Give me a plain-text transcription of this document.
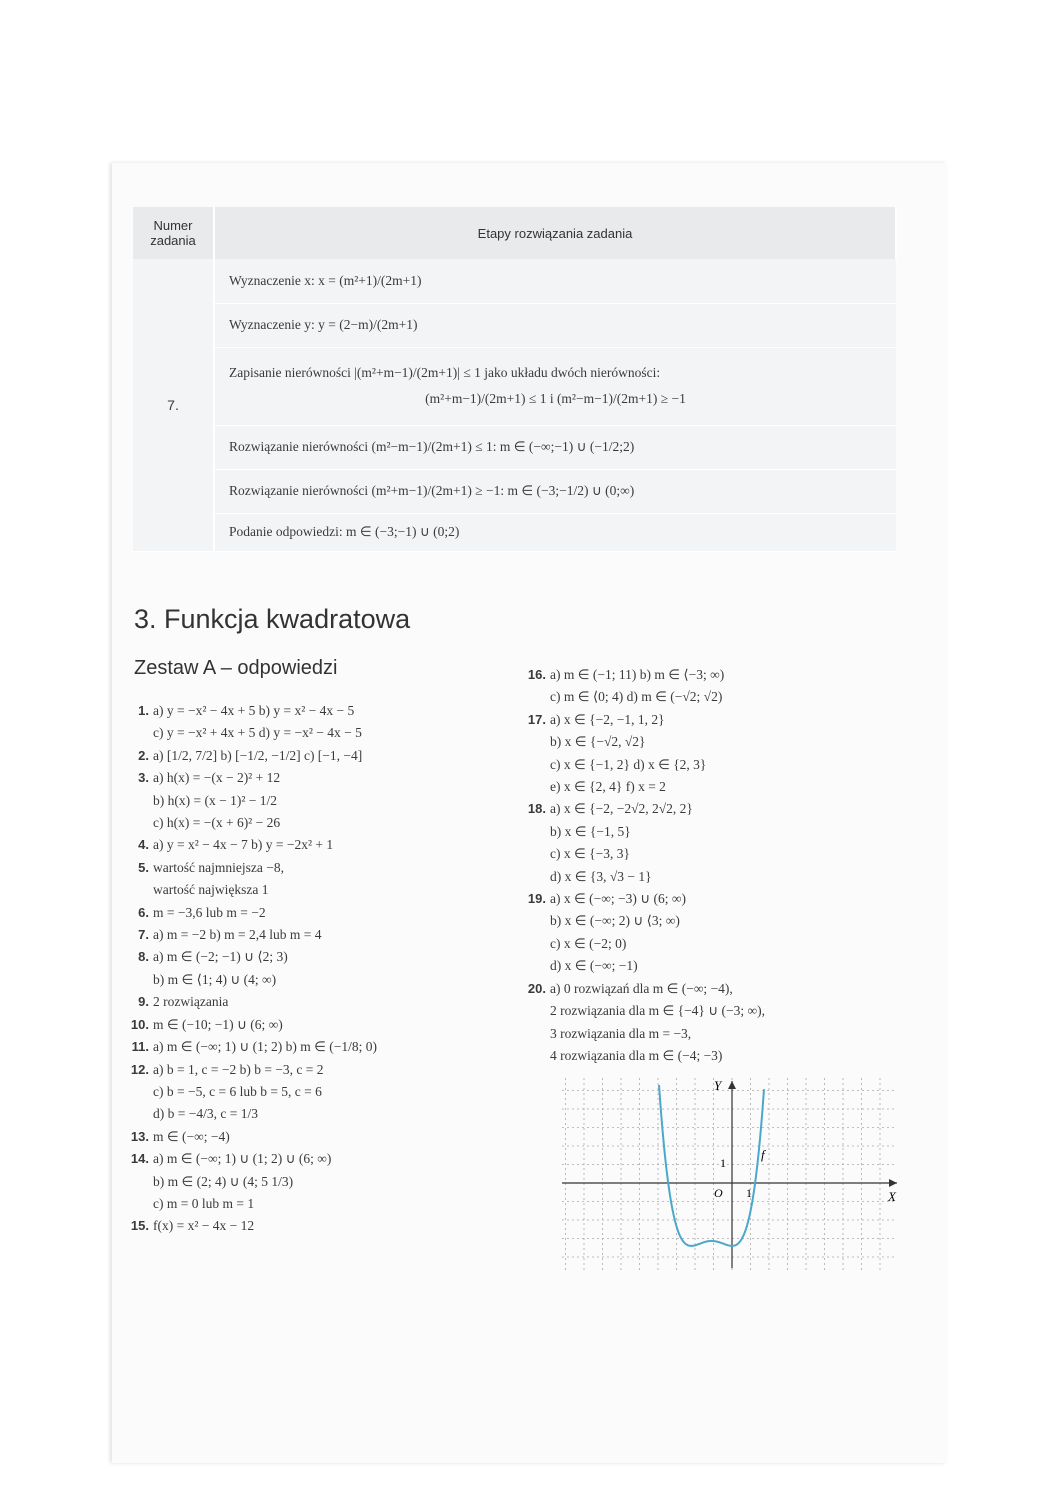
Numer zadania	Etapy rozwiązania zadania
7.	Wyznaczenie x: x = (m²+1)/(2m+1)
	Wyznaczenie y: y = (2−m)/(2m+1)

	Zapisanie nierówności |(m²+m−1)/(2m+1)| ≤ 1 jako układu dwóch nierówności:
(m²+m−1)/(2m+1) ≤ 1 i (m²−m−1)/(2m+1) ≥ −1

	Rozwiązanie nierówności (m²−m−1)/(2m+1) ≤ 1: m ∈ (−∞;−1) ∪ (−1/2;2)
	Rozwiązanie nierówności (m²+m−1)/(2m+1) ≥ −1: m ∈ (−3;−1/2) ∪ (0;∞)
	Podanie odpowiedzi: m ∈ (−3;−1) ∪ (0;2)
3. Funkcja kwadratowa
Zestaw A – odpowiedzi
1. a) y = −x² − 4x + 5 b) y = x² − 4x − 5
c) y = −x² + 4x + 5 d) y = −x² − 4x − 5
2. a) [1/2, 7/2] b) [−1/2, −1/2] c) [−1, −4]
3. a) h(x) = −(x − 2)² + 12
b) h(x) = (x − 1)² − 1/2
c) h(x) = −(x + 6)² − 26
4. a) y = x² − 4x − 7 b) y = −2x² + 1
5. wartość najmniejsza −8,
wartość największa 1
6. m = −3,6 lub m = −2
7. a) m = −2 b) m = 2,4 lub m = 4
8. a) m ∈ (−2; −1) ∪ ⟨2; 3)
b) m ∈ ⟨1; 4) ∪ (4; ∞)
9. 2 rozwiązania
10. m ∈ (−10; −1) ∪ (6; ∞)
11. a) m ∈ (−∞; 1) ∪ (1; 2) b) m ∈ (−1/8; 0)
12. a) b = 1, c = −2 b) b = −3, c = 2
c) b = −5, c = 6 lub b = 5, c = 6
d) b = −4/3, c = 1/3
13. m ∈ (−∞; −4)
14. a) m ∈ (−∞; 1) ∪ (1; 2) ∪ (6; ∞)
b) m ∈ (2; 4) ∪ (4; 5 1/3)
c) m = 0 lub m = 1
15. f(x) = x² − 4x − 12
16. a) m ∈ (−1; 11) b) m ∈ ⟨−3; ∞)
c) m ∈ ⟨0; 4) d) m ∈ (−√2; √2)
17. a) x ∈ {−2, −1, 1, 2}
b) x ∈ {−√2, √2}
c) x ∈ {−1, 2} d) x ∈ {2, 3}
e) x ∈ {2, 4} f) x = 2
18. a) x ∈ {−2, −2√2, 2√2, 2}
b) x ∈ {−1, 5}
c) x ∈ {−3, 3}
d) x ∈ {3, √3 − 1}
19. a) x ∈ (−∞; −3) ∪ (6; ∞)
b) x ∈ (−∞; 2) ∪ ⟨3; ∞)
c) x ∈ (−2; 0)
d) x ∈ (−∞; −1)
20. a) 0 rozwiązań dla m ∈ (−∞; −4),
2 rozwiązania dla m ∈ {−4} ∪ (−3; ∞),
3 rozwiązania dla m = −3,
4 rozwiązania dla m ∈ (−4; −3)
Y
X
O 1
1
f
